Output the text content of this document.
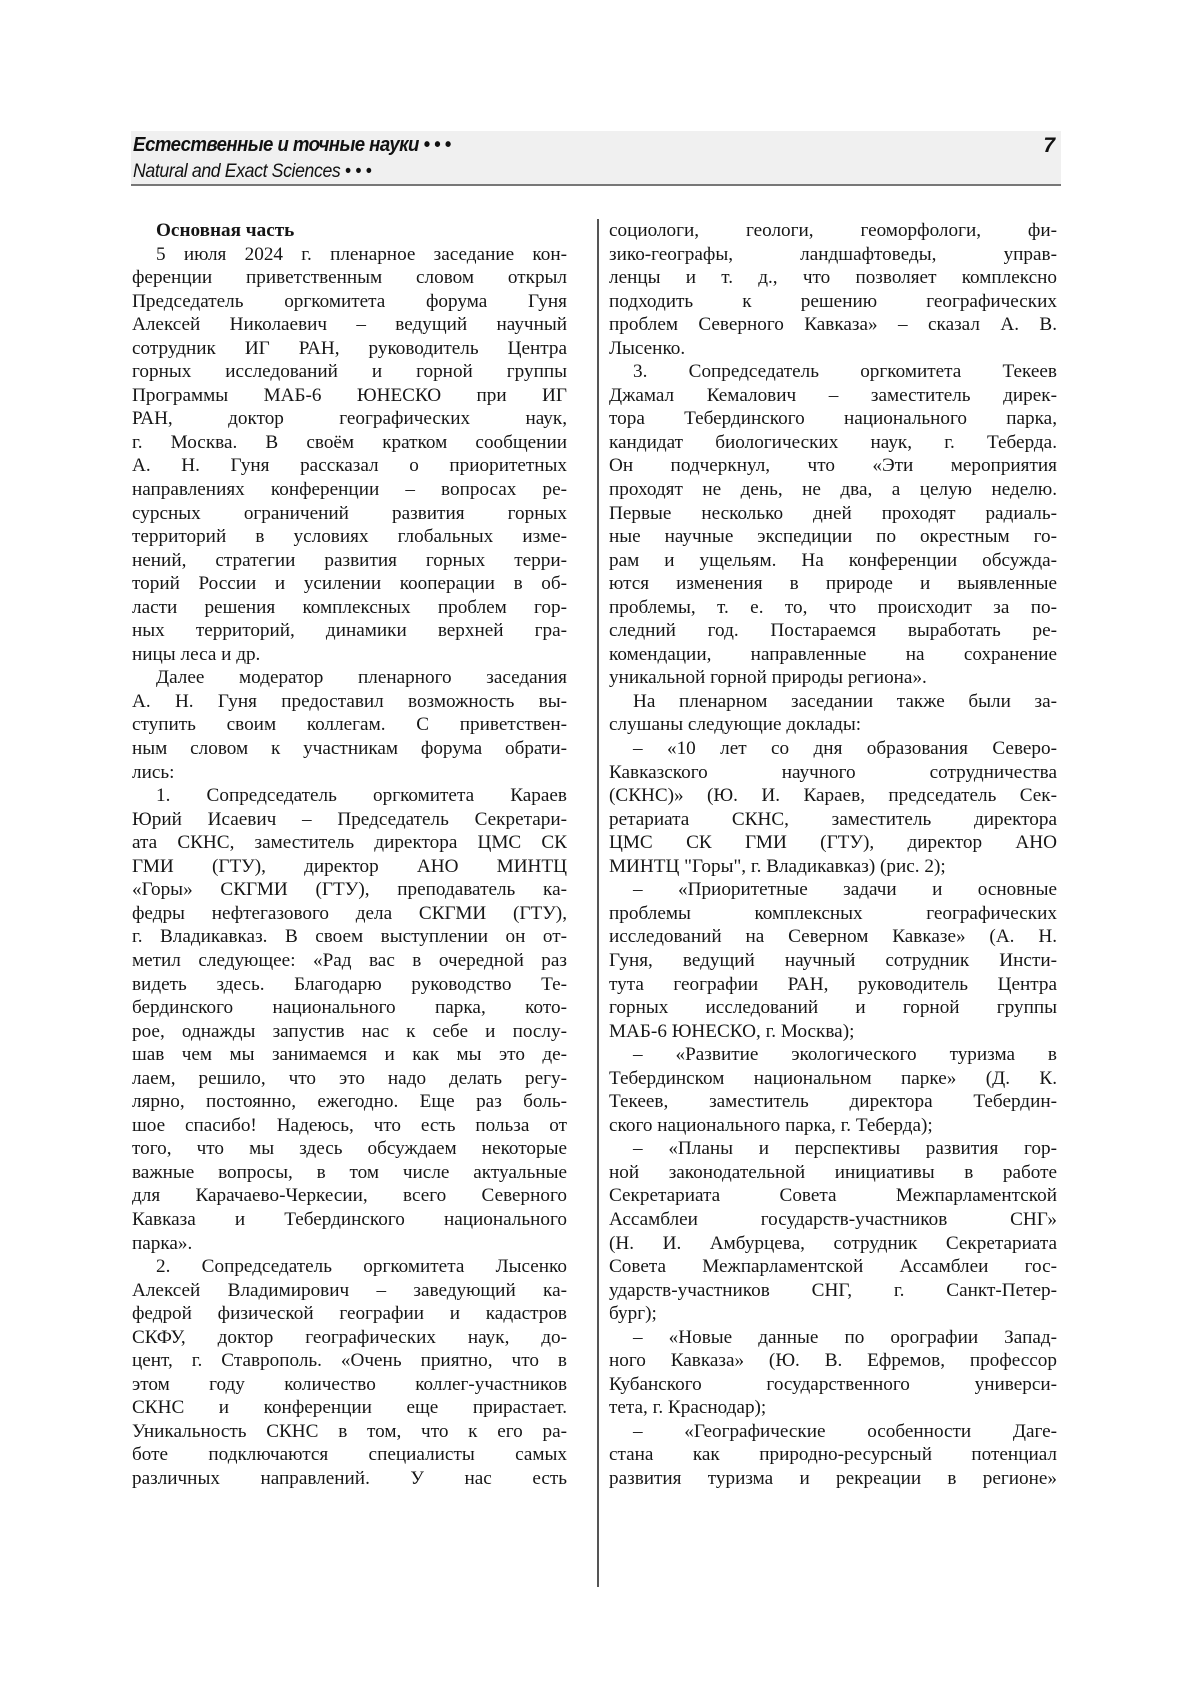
Естественные и точные науки • • •
Natural and Exact Sciences • • •
7
Основная часть
5 июля 2024 г. пленарное заседание кон-
ференции приветственным словом открыл
Председатель оргкомитета форума Гуня
Алексей Николаевич – ведущий научный
сотрудник ИГ РАН, руководитель Центра
горных исследований и горной группы
Программы МАБ-6 ЮНЕСКО при ИГ
РАН, доктор географических наук,
г. Москва. В своём кратком сообщении
А. Н. Гуня рассказал о приоритетных
направлениях конференции – вопросах ре-
сурсных ограничений развития горных
территорий в условиях глобальных изме-
нений, стратегии развития горных терри-
торий России и усилении кооперации в об-
ласти решения комплексных проблем гор-
ных территорий, динамики верхней гра-
ницы леса и др.
Далее модератор пленарного заседания
А. Н. Гуня предоставил возможность вы-
ступить своим коллегам. С приветствен-
ным словом к участникам форума обрати-
лись:
1. Сопредседатель оргкомитета Караев
Юрий Исаевич – Председатель Секретари-
ата СКНС, заместитель директора ЦМС СК
ГМИ (ГТУ), директор АНО МИНТЦ
«Горы» СКГМИ (ГТУ), преподаватель ка-
федры нефтегазового дела СКГМИ (ГТУ),
г. Владикавказ. В своем выступлении он от-
метил следующее: «Рад вас в очередной раз
видеть здесь. Благодарю руководство Те-
бердинского национального парка, кото-
рое, однажды запустив нас к себе и послу-
шав чем мы занимаемся и как мы это де-
лаем, решило, что это надо делать регу-
лярно, постоянно, ежегодно. Еще раз боль-
шое спасибо! Надеюсь, что есть польза от
того, что мы здесь обсуждаем некоторые
важные вопросы, в том числе актуальные
для Карачаево-Черкесии, всего Северного
Кавказа и Тебердинского национального
парка».
2. Сопредседатель оргкомитета Лысенко
Алексей Владимирович – заведующий ка-
федрой физической географии и кадастров
СКФУ, доктор географических наук, до-
цент, г. Ставрополь. «Очень приятно, что в
этом году количество коллег-участников
СКНС и конференции еще прирастает.
Уникальность СКНС в том, что к его ра-
боте подключаются специалисты самых
различных направлений. У нас есть
социологи, геологи, геоморфологи, фи-
зико-географы, ландшафтоведы, управ-
ленцы и т. д., что позволяет комплексно
подходить к решению географических
проблем Северного Кавказа» – сказал А. В.
Лысенко.
3. Сопредседатель оргкомитета Текеев
Джамал Кемалович – заместитель дирек-
тора Тебердинского национального парка,
кандидат биологических наук, г. Теберда.
Он подчеркнул, что «Эти мероприятия
проходят не день, не два, а целую неделю.
Первые несколько дней проходят радиаль-
ные научные экспедиции по окрестным го-
рам и ущельям. На конференции обсужда-
ются изменения в природе и выявленные
проблемы, т. е. то, что происходит за по-
следний год. Постараемся выработать ре-
комендации, направленные на сохранение
уникальной горной природы региона».
На пленарном заседании также были за-
слушаны следующие доклады:
– «10 лет со дня образования Северо-
Кавказского научного сотрудничества
(СКНС)» (Ю. И. Караев, председатель Сек-
ретариата СКНС, заместитель директора
ЦМС СК ГМИ (ГТУ), директор АНО
МИНТЦ "Горы", г. Владикавказ) (рис. 2);
– «Приоритетные задачи и основные
проблемы комплексных географических
исследований на Северном Кавказе» (А. Н.
Гуня, ведущий научный сотрудник Инсти-
тута географии РАН, руководитель Центра
горных исследований и горной группы
МАБ-6 ЮНЕСКО, г. Москва);
– «Развитие экологического туризма в
Тебердинском национальном парке» (Д. К.
Текеев, заместитель директора Тебердин-
ского национального парка, г. Теберда);
– «Планы и перспективы развития гор-
ной законодательной инициативы в работе
Секретариата Совета Межпарламентской
Ассамблеи государств-участников СНГ»
(Н. И. Амбурцева, сотрудник Секретариата
Совета Межпарламентской Ассамблеи гос-
ударств-участников СНГ, г. Санкт-Петер-
бург);
– «Новые данные по орографии Запад-
ного Кавказа» (Ю. В. Ефремов, профессор
Кубанского государственного универси-
тета, г. Краснодар);
– «Географические особенности Даге-
стана как природно-ресурсный потенциал
развития туризма и рекреации в регионе»
